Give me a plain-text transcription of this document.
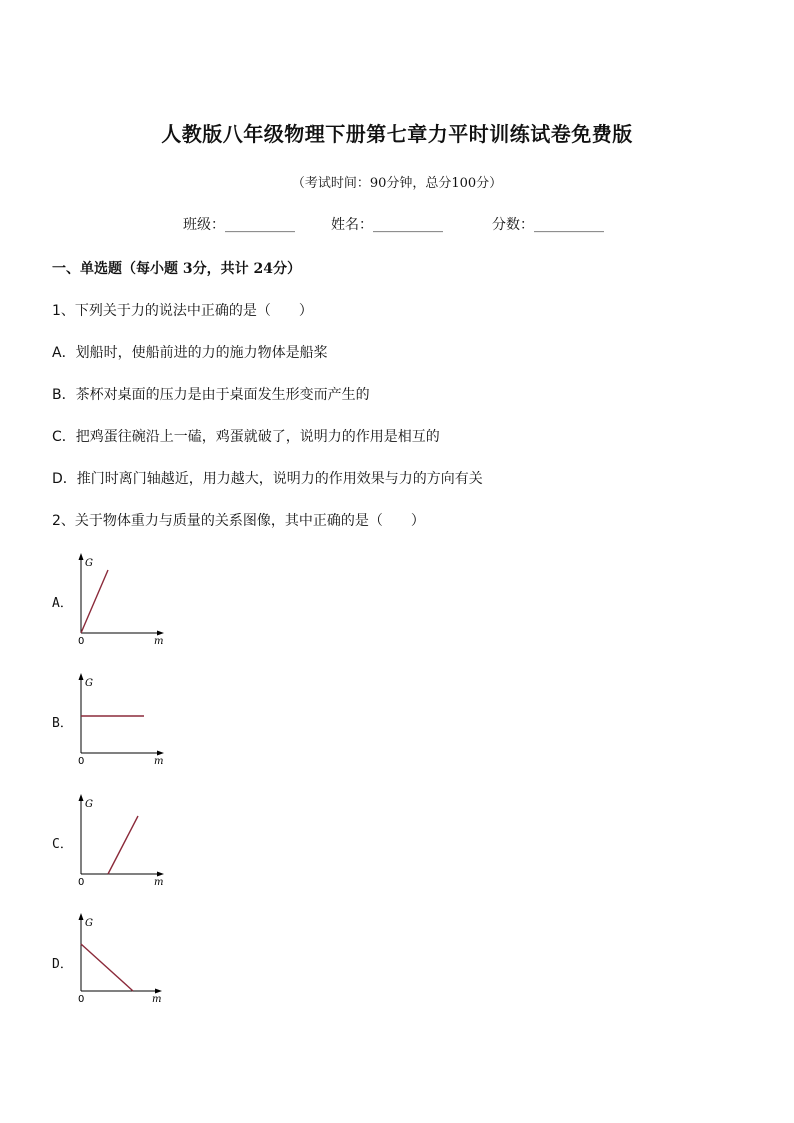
人教版八年级物理下册第七章力平时训练试卷免费版
（考试时间：90分钟，总分100分）
班级：__________	姓名：__________	分数：__________
一、单选题（每小题 3分，共计 24分）
1、下列关于力的说法中正确的是（　　）
A．划船时，使船前进的力的施力物体是船桨
B．茶杯对桌面的压力是由于桌面发生形变而产生的
C．把鸡蛋往碗沿上一磕，鸡蛋就破了，说明力的作用是相互的
D．推门时离门轴越近，用力越大，说明力的作用效果与力的方向有关
2、关于物体重力与质量的关系图像，其中正确的是（　　）
A．
G
m
0
B．
G
m
0
C．
G
m
0
D．
G
m
0
